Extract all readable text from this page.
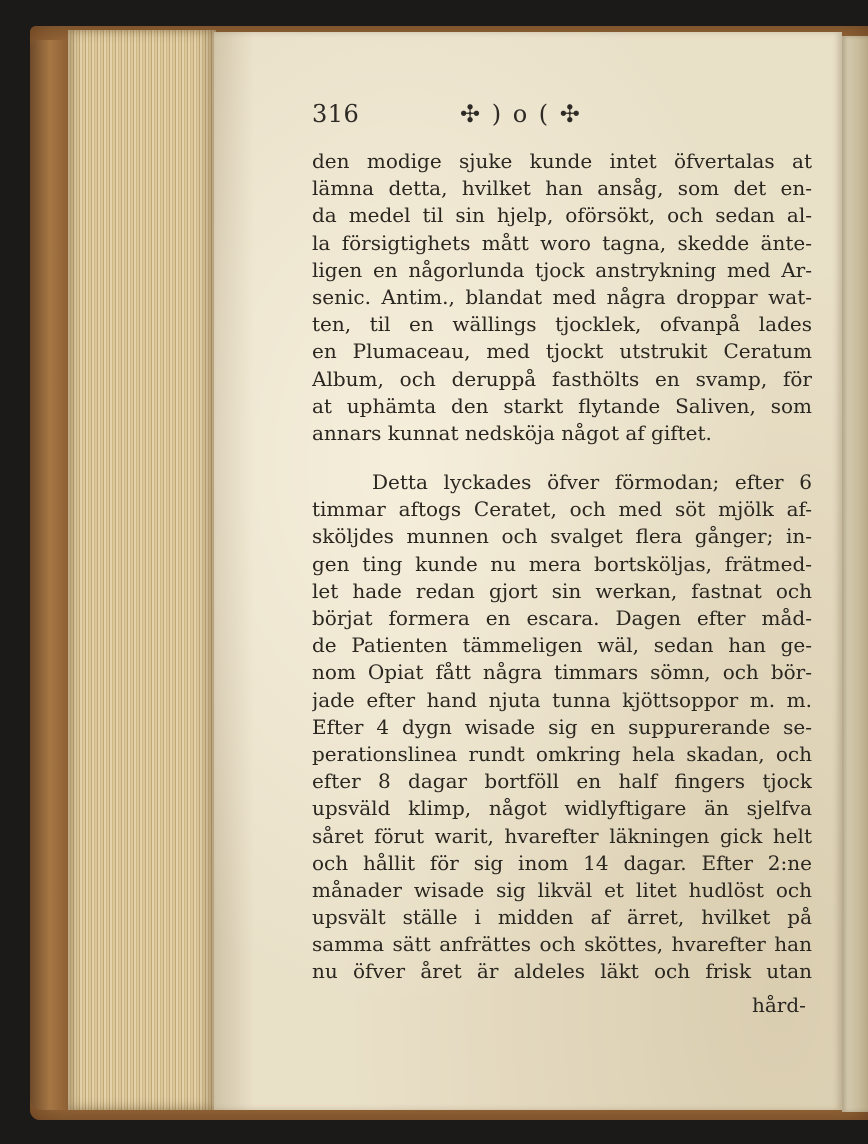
316	✣ ) o ( ✣
den modige sjuke kunde intet öfvertalas at
lämna detta, hvilket han ansåg, som det en-
da medel til sin hjelp, oförsökt, och sedan al-
la försigtighets mått woro tagna, skedde änte-
ligen en någorlunda tjock anstrykning med Ar-
senic. Antim., blandat med några droppar wat-
ten, til en wällings tjocklek, ofvanpå lades
en Plumaceau, med tjockt utstrukit Ceratum
Album, och deruppå fasthölts en svamp, för
at uphämta den starkt flytande Saliven, som
annars kunnat nedsköja något af giftet.
Detta lyckades öfver förmodan; efter 6
timmar aftogs Ceratet, och med söt mjölk af-
sköljdes munnen och svalget flera gånger; in-
gen ting kunde nu mera bortsköljas, frätmed-
let hade redan gjort sin werkan, fastnat och
börjat formera en escara. Dagen efter måd-
de Patienten tämmeligen wäl, sedan han ge-
nom Opiat fått några timmars sömn, och bör-
jade efter hand njuta tunna kjöttsoppor m. m.
Efter 4 dygn wisade sig en suppurerande se-
perationslinea rundt omkring hela skadan, och
efter 8 dagar bortföll en half fingers tjock
upsväld klimp, något widlyftigare än sjelfva
såret förut warit, hvarefter läkningen gick helt
och hållit för sig inom 14 dagar. Efter 2:ne
månader wisade sig likväl et litet hudlöst och
upsvält ställe i midden af ärret, hvilket på
samma sätt anfrättes och sköttes, hvarefter han
nu öfver året är aldeles läkt och frisk utan
hård-
